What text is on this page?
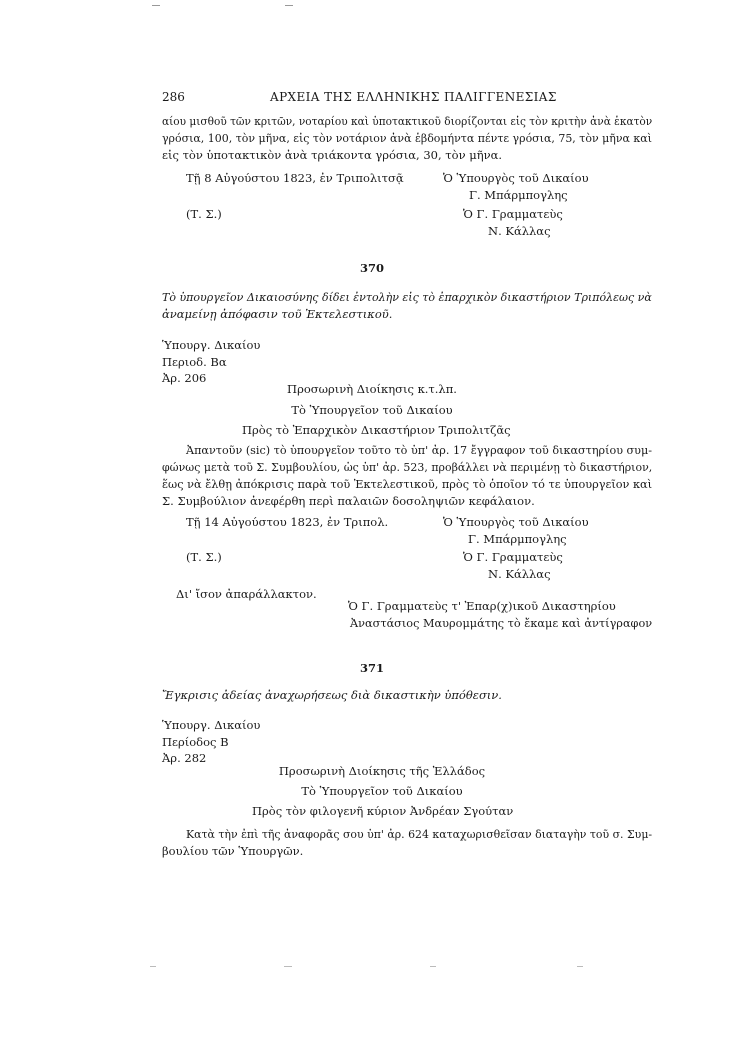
286	ΑΡΧΕΙΑ ΤΗΣ ΕΛΛΗΝΙΚΗΣ ΠΑΛΙΓΓΕΝΕΣΙΑΣ
αίου μισθοῦ τῶν κριτῶν, νοταρίου καὶ ὑποτακτικοῦ διορίζονται εἰς τὸν κριτὴν ἀνὰ ἑκατὸν
γρόσια, 100, τὸν μῆνα, εἰς τὸν νοτάριον ἀνὰ ἑβδομήντα πέντε γρόσια, 75, τὸν μῆνα καὶ
εἰς τὸν ὑποτακτικὸν ἀνὰ τριάκοντα γρόσια, 30, τὸν μῆνα.
Τῇ 8 Αὐγούστου 1823, ἐν Τριπολιτσᾷ	Ὁ Ὑπουργὸς τοῦ Δικαίου
Γ. Μπάρμπογλης
(Τ. Σ.)	Ὁ Γ. Γραμματεὺς
Ν. Κάλλας
370
Τὸ ὑπουργεῖον Δικαιοσύνης δίδει ἐντολὴν εἰς τὸ ἐπαρχικὸν δικαστήριον Τριπόλεως νὰ
ἀναμείνῃ ἀπόφασιν τοῦ Ἐκτελεστικοῦ.
Ὑπουργ. Δικαίου
Περιοδ. Βα
Ἀρ. 206
Προσωρινὴ Διοίκησις κ.τ.λπ.
Τὸ Ὑπουργεῖον τοῦ Δικαίου
Πρὸς τὸ Ἐπαρχικὸν Δικαστήριον Τριπολιτζᾶς
Ἀπαντοῦν (sic) τὸ ὑπουργεῖον τοῦτο τὸ ὑπ' ἀρ. 17 ἔγγραφον τοῦ δικαστηρίου συμ-
φώνως μετὰ τοῦ Σ. Συμβουλίου, ὡς ὑπ' ἀρ. 523, προβάλλει νὰ περιμένῃ τὸ δικαστήριον,
ἕως νὰ ἔλθῃ ἀπόκρισις παρὰ τοῦ Ἐκτελεστικοῦ, πρὸς τὸ ὁποῖον τό τε ὑπουργεῖον καὶ
Σ. Συμβούλιον ἀνεφέρθη περὶ παλαιῶν δοσοληψιῶν κεφάλαιον.
Τῇ 14 Αὐγούστου 1823, ἐν Τριπολ.	Ὁ Ὑπουργὸς τοῦ Δικαίου
Γ. Μπάρμπογλης
(Τ. Σ.)	Ὁ Γ. Γραμματεὺς
Ν. Κάλλας
Δι' ἴσον ἀπαράλλακτον.
Ὁ Γ. Γραμματεὺς τ' Ἐπαρ(χ)ικοῦ Δικαστηρίου
Ἀναστάσιος Μαυρομμάτης τὸ ἔκαμε καὶ ἀντίγραφον
371
Ἔγκρισις ἀδείας ἀναχωρήσεως διὰ δικαστικὴν ὑπόθεσιν.
Ὑπουργ. Δικαίου
Περίοδος Β
Ἀρ. 282
Προσωρινὴ Διοίκησις τῆς Ἑλλάδος
Τὸ Ὑπουργεῖον τοῦ Δικαίου
Πρὸς τὸν φιλογενῆ κύριον Ἀνδρέαν Σγούταν
Κατὰ τὴν ἐπὶ τῆς ἀναφορᾶς σου ὑπ' ἀρ. 624 καταχωρισθεῖσαν διαταγὴν τοῦ σ. Συμ-
βουλίου τῶν Ὑπουργῶν.
